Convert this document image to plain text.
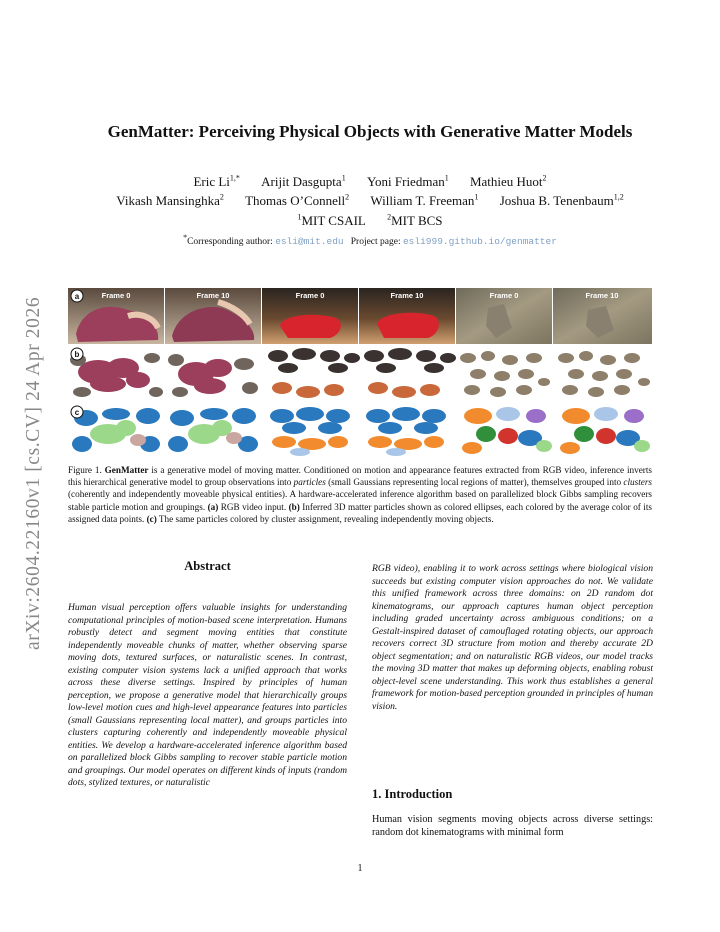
arXiv:2604.22160v1 [cs.CV] 24 Apr 2026
GenMatter: Perceiving Physical Objects with Generative Matter Models
Eric $Li^{1,*}$ Arijit Dasgupta$^1$ Yoni Friedman$^1$ Mathieu Huot$^2$
Vikash Mansinghka$^2$ Thomas O’Connell$^2$ William T. Freeman$^1$ Joshua B. Tenenbaum$^{1,2}$
$^1$MIT CSAIL	$^2$MIT BCS
*Corresponding author: esli@mit.edu Project page: esli999.github.io/genmatter
a
b
c
Frame 0	Frame 10	Frame 0	Frame 10	Frame 0	Frame 10
Figure 1. GenMatter is a generative model of moving matter. Conditioned on motion and appearance features extracted from RGB video, inference inverts this hierarchical generative model to group observations into particles (small Gaussians representing local regions of matter), themselves grouped into clusters (coherently and independently moveable physical entities). A hardware-accelerated inference algorithm based on parallelized block Gibbs sampling recovers stable particle motion and groupings. (a) RGB video input. (b) Inferred 3D matter particles shown as colored ellipses, each colored by the average color of its assigned data points. (c) The same particles colored by cluster assignment, revealing independently moving objects.
Abstract
Human visual perception offers valuable insights for understanding computational principles of motion-based scene interpretation. Humans robustly detect and segment moving entities that constitute independently moveable chunks of matter, whether observing sparse moving dots, textured surfaces, or naturalistic scenes. In contrast, existing computer vision systems lack a unified approach that works across these diverse settings. Inspired by principles of human perception, we propose a generative model that hierarchically groups low-level motion cues and high-level appearance features into particles (small Gaussians representing local matter), and groups particles into clusters capturing coherently and independently moveable physical entities. We develop a hardware-accelerated inference algorithm based on parallelized block Gibbs sampling to recover stable particle motion and groupings. Our model operates on different kinds of inputs (random dots, stylized textures, or naturalistic
RGB video), enabling it to work across settings where biological vision succeeds but existing computer vision approaches do not. We validate this unified framework across three domains: on 2D random dot kinematograms, our approach captures human object perception including graded uncertainty across ambiguous conditions; on a Gestalt-inspired dataset of camouflaged rotating objects, our approach recovers correct 3D structure from motion and thereby accurate 2D object segmentation; and on naturalistic RGB videos, our model tracks the moving 3D matter that makes up deforming objects, enabling robust object-level scene understanding. This work thus establishes a general framework for motion-based perception grounded in principles of human vision.
1. Introduction
Human vision segments moving objects across diverse settings: random dot kinematograms with minimal form
1
